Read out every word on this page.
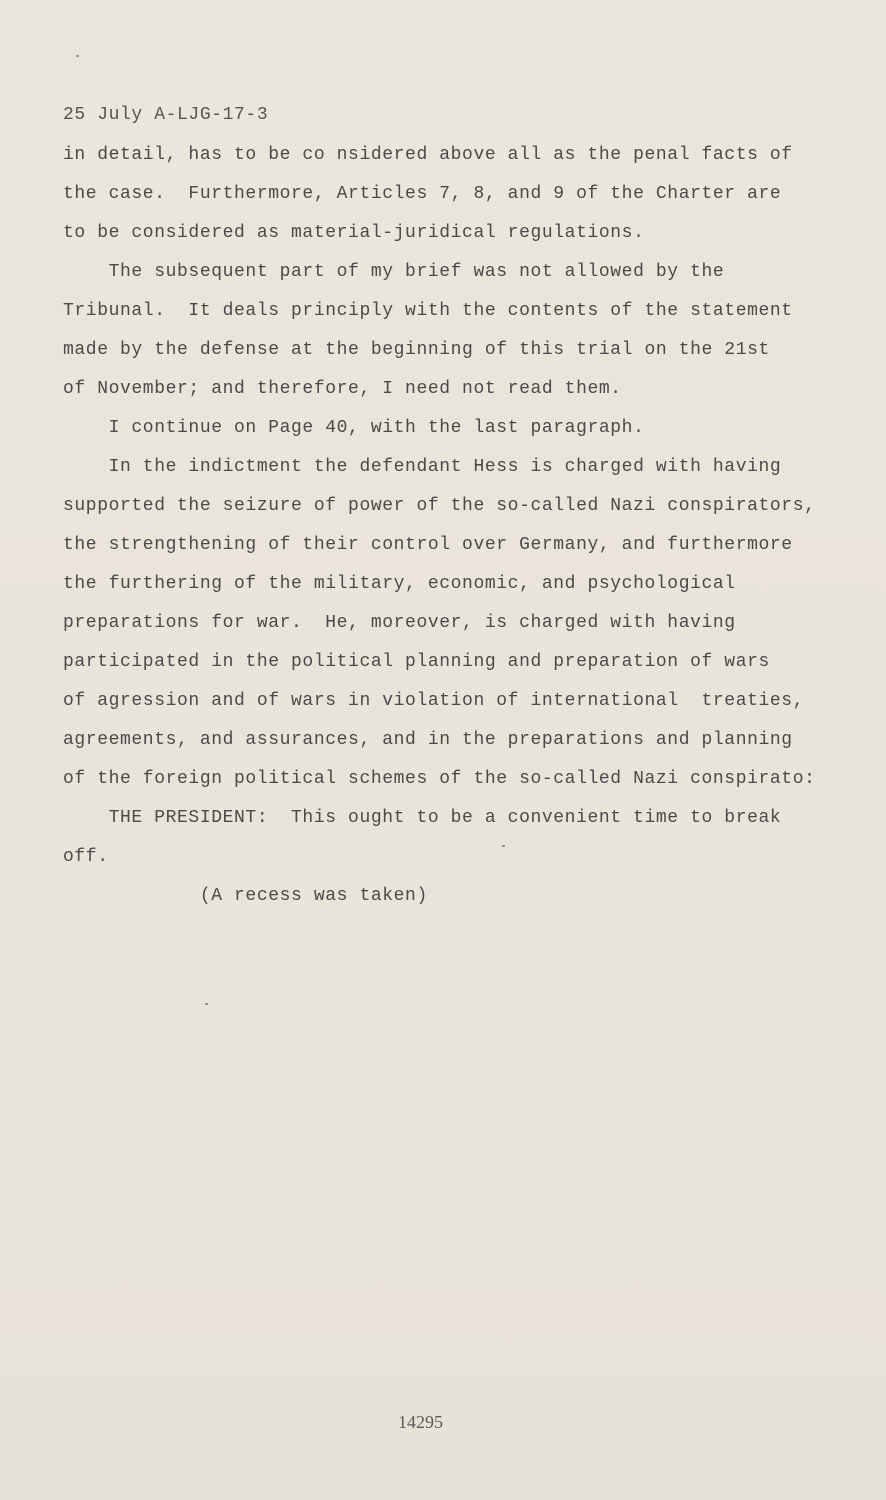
25 July A-LJG-17-3
in detail, has to be co nsidered above all as the penal facts of
the case.  Furthermore, Articles 7, 8, and 9 of the Charter are
to be considered as material-juridical regulations.
The subsequent part of my brief was not allowed by the
Tribunal.  It deals principly with the contents of the statement
made by the defense at the beginning of this trial on the 21st
of November; and therefore, I need not read them.
I continue on Page 40, with the last paragraph.
In the indictment the defendant Hess is charged with having
supported the seizure of power of the so-called Nazi conspirators,
the strengthening of their control over Germany, and furthermore
the furthering of the military, economic, and psychological
preparations for war.  He, moreover, is charged with having
participated in the political planning and preparation of wars
of agression and of wars in violation of international  treaties,
agreements, and assurances, and in the preparations and planning
of the foreign political schemes of the so-called Nazi conspirato:
THE PRESIDENT:  This ought to be a convenient time to break
off.
(A recess was taken)
14295
